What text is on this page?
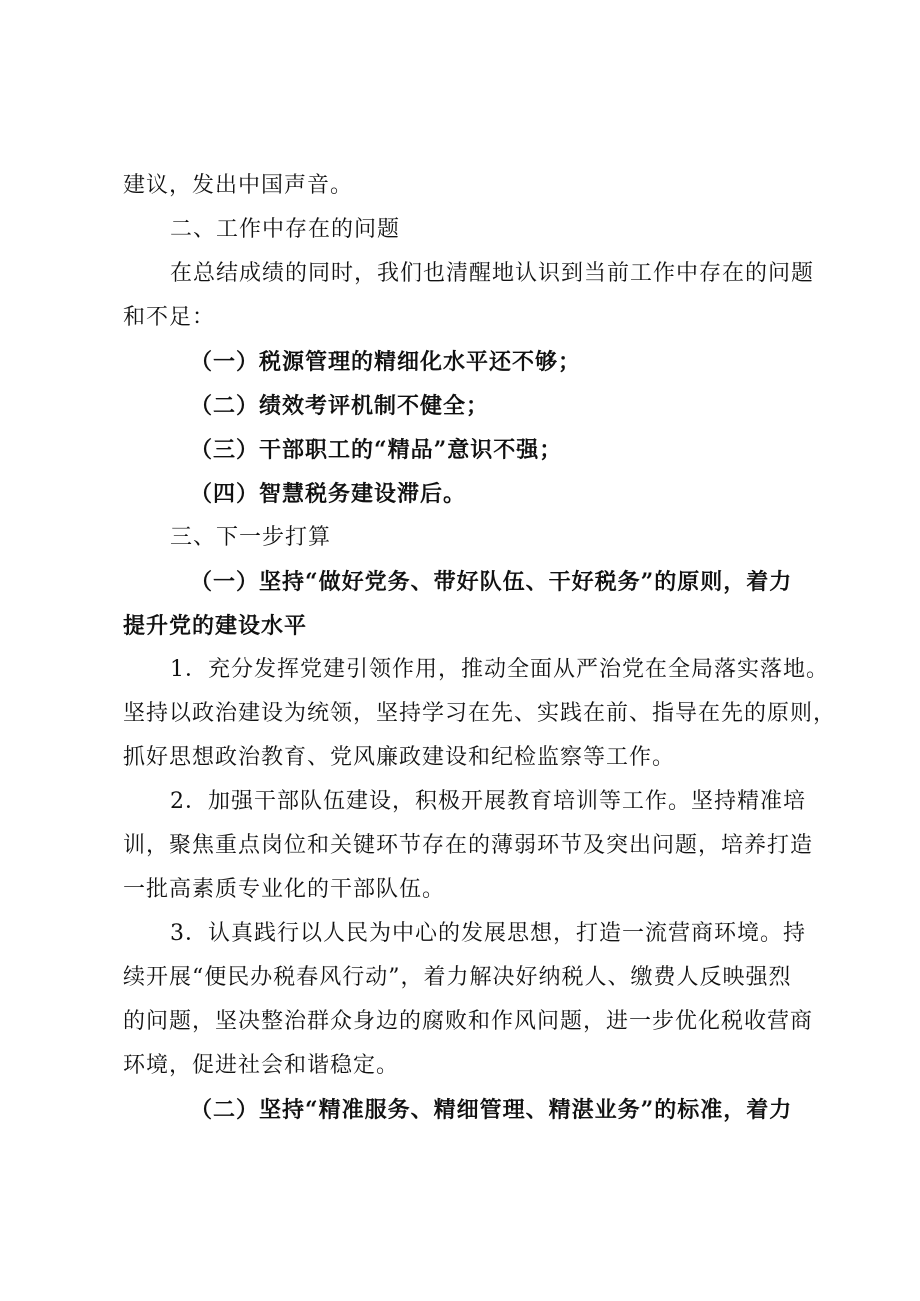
建议，发出中国声音。
二、工作中存在的问题
在总结成绩的同时，我们也清醒地认识到当前工作中存在的问题
和不足：
（一）税源管理的精细化水平还不够；
（二）绩效考评机制不健全；
（三）干部职工的“精品”意识不强；
（四）智慧税务建设滞后。
三、下一步打算
（一）坚持“做好党务、带好队伍、干好税务”的原则，着力
提升党的建设水平
1．充分发挥党建引领作用，推动全面从严治党在全局落实落地。
坚持以政治建设为统领，坚持学习在先、实践在前、指导在先的原则，
抓好思想政治教育、党风廉政建设和纪检监察等工作。
2．加强干部队伍建设，积极开展教育培训等工作。坚持精准培
训，聚焦重点岗位和关键环节存在的薄弱环节及突出问题，培养打造
一批高素质专业化的干部队伍。
3．认真践行以人民为中心的发展思想，打造一流营商环境。持
续开展“便民办税春风行动”，着力解决好纳税人、缴费人反映强烈
的问题，坚决整治群众身边的腐败和作风问题，进一步优化税收营商
环境，促进社会和谐稳定。
（二）坚持“精准服务、精细管理、精湛业务”的标准，着力
